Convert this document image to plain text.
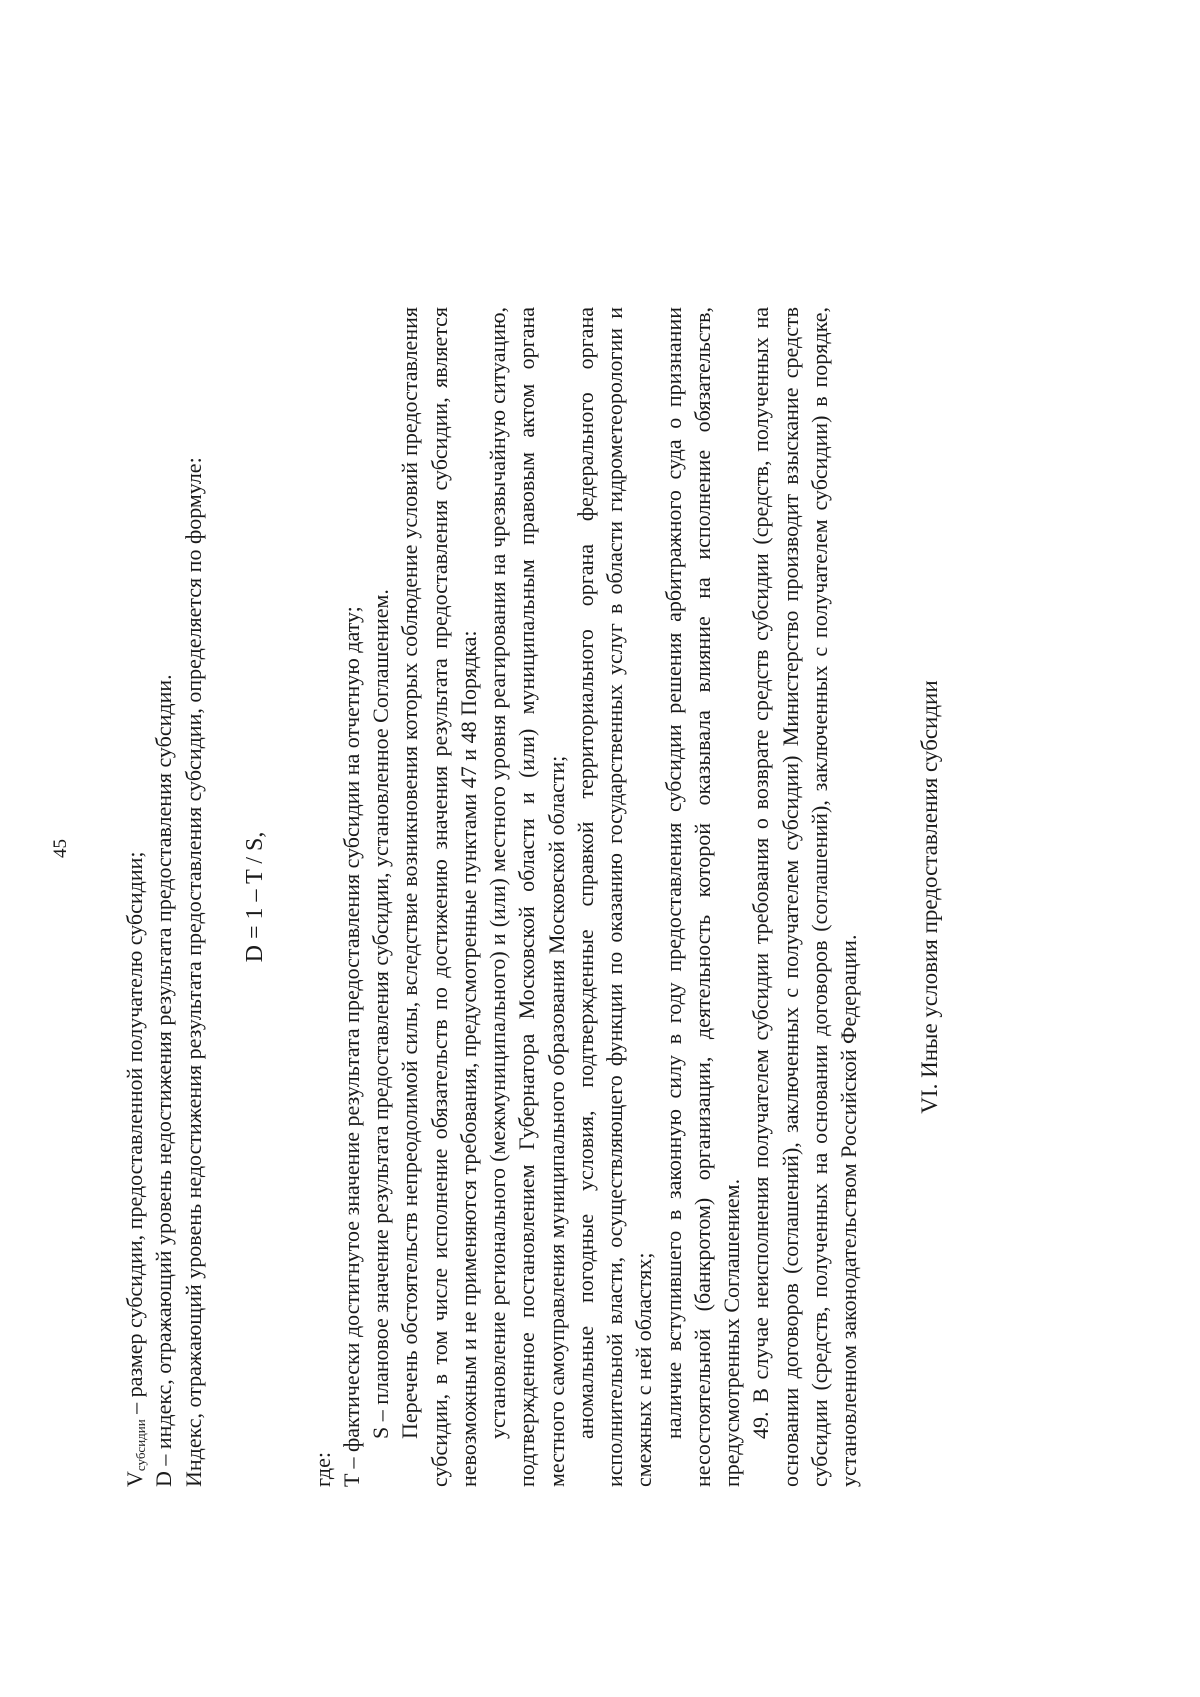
45

$V_{субсидии}$ – размер субсидии, предоставленной получателю субсидии; D – индекс, отражающий уровень недостижения результата предоставления субсидии. Индекс, отражающий уровень недостижения результата предоставления субсидии, определяется по формуле: D = 1 – T / S,

где: T – фактически достигнутое значение результата предоставления субсидии на отчетную дату; S – плановое значение результата предоставления субсидии, установленное Соглашением. Перечень обстоятельств непреодолимой силы, вследствие возникновения которых соблюдение условий предоставления субсидии, в том числе исполнение обязательств по достижению значения результата предоставления субсидии, является невозможным и не применяются требования, предусмотренные пунктами 47 и 48 Порядка: установление регионального (межмуниципального) и (или) местного уровня реагирования на чрезвычайную ситуацию, подтвержденное постановлением Губернатора Московской области и (или) муниципальным правовым актом органа местного самоуправления муниципального образования Московской области; аномальные погодные условия, подтвержденные справкой территориального органа федерального органа исполнительной власти, осуществляющего функции по оказанию государственных услуг в области гидрометеорологии и смежных с ней областях; наличие вступившего в законную силу в году предоставления субсидии решения арбитражного суда о признании несостоятельной (банкротом) организации, деятельность которой оказывала влияние на исполнение обязательств, предусмотренных Соглашением. 49. В случае неисполнения получателем субсидии требования о возврате средств субсидии (средств, полученных на основании договоров (соглашений), заключенных с получателем субсидии) Министерство производит взыскание средств субсидии (средств, полученных на основании договоров (соглашений), заключенных с получателем субсидии) в порядке, установленном законодательством Российской Федерации.

VI. Иные условия предоставления субсидии
